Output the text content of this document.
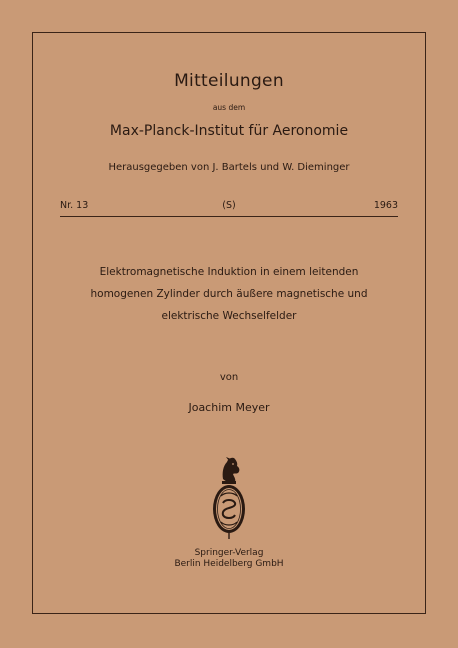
Mitteilungen
aus dem
Max-Planck-Institut für Aeronomie
Herausgegeben von J. Bartels und W. Dieminger
Nr. 13	(S)	1963
Elektromagnetische Induktion in einem leitenden
homogenen Zylinder durch äußere magnetische und
elektrische Wechselfelder
von
Joachim Meyer
Springer-Verlag
Berlin Heidelberg GmbH
